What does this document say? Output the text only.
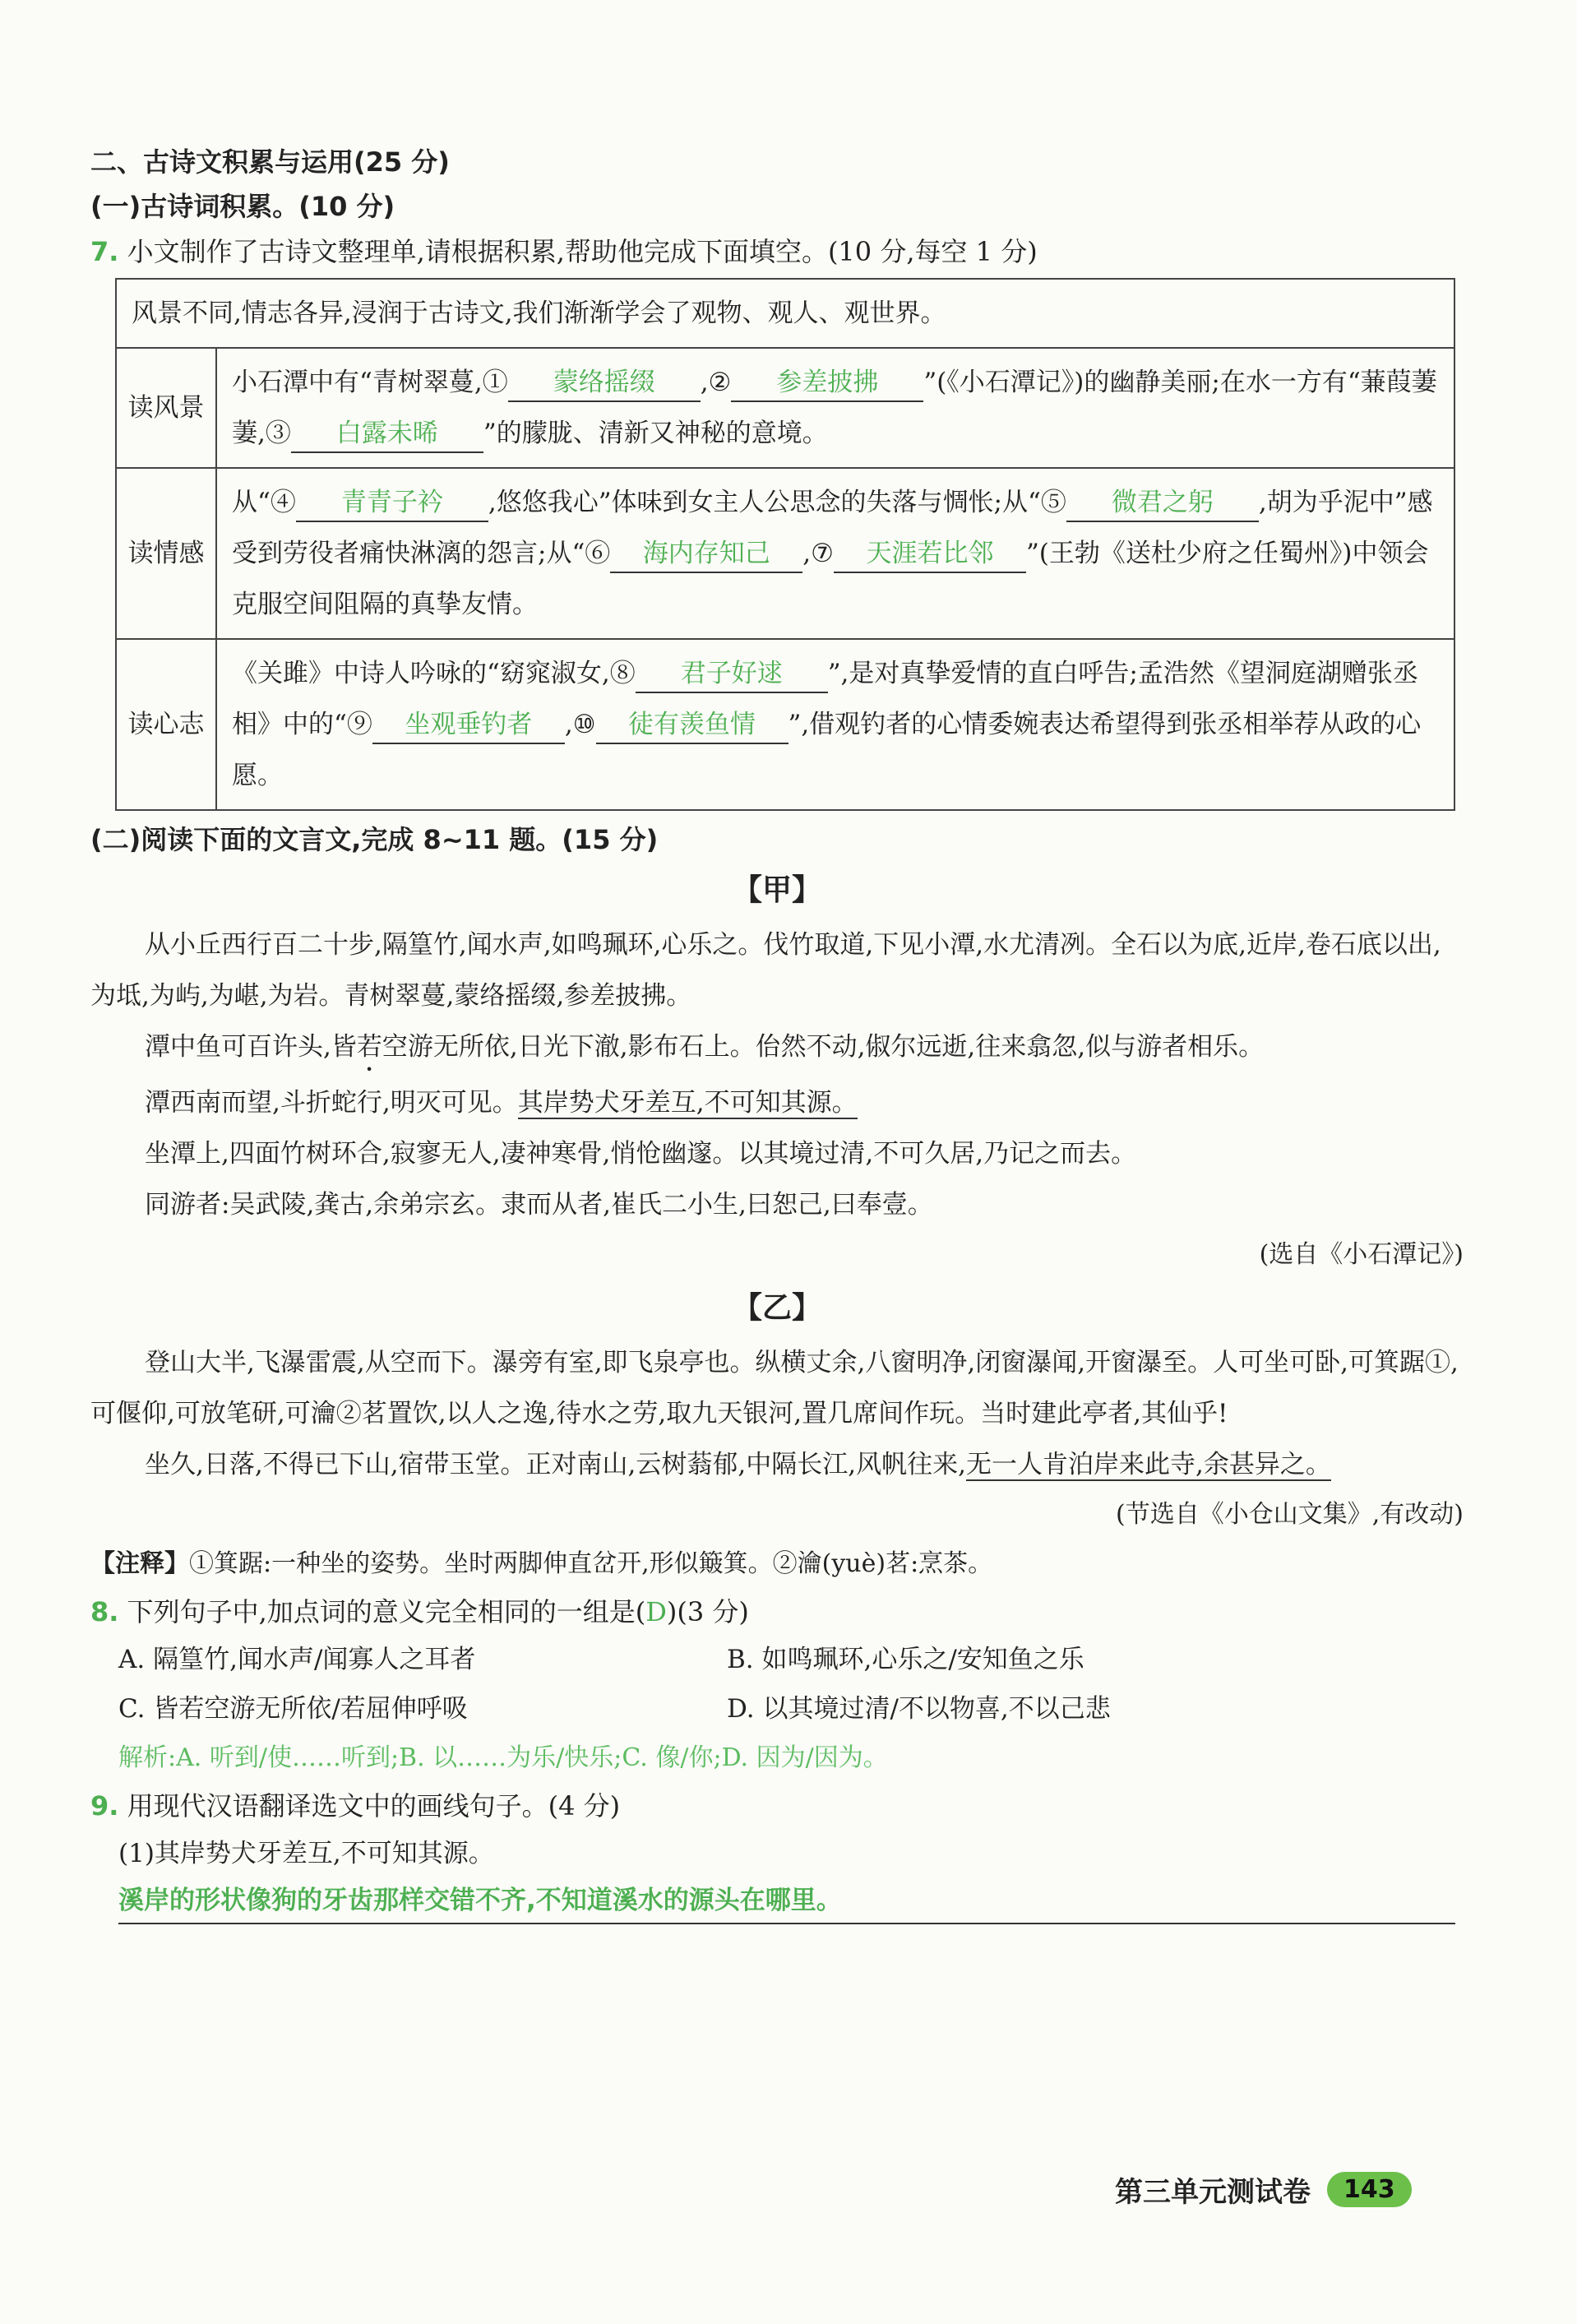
二、古诗文积累与运用(25 分)
(一)古诗词积累。(10 分)
7. 小文制作了古诗文整理单,请根据积累,帮助他完成下面填空。(10 分,每空 1 分)
风景不同,情志各异,浸润于古诗文,我们渐渐学会了观物、观人、观世界。	
读风景	小石潭中有“青树翠蔓,① 蒙络摇缀 ,② 参差披拂 ”(《小石潭记》)的幽静美丽;在水一方有“蒹葭萋萋,③ 白露未晞 ”的朦胧、清新又神秘的意境。
读情感	从“④ 青青子衿 ,悠悠我心”体味到女主人公思念的失落与惆怅;从“⑤ 微君之躬 ,胡为乎泥中”感受到劳役者痛快淋漓的怨言;从“⑥ 海内存知己 ,⑦ 天涯若比邻 ”(王勃《送杜少府之任蜀州》)中领会克服空间阻隔的真挚友情。
读心志	《关雎》中诗人吟咏的“窈窕淑女,⑧ 君子好逑 ”,是对真挚爱情的直白呼告;孟浩然《望洞庭湖赠张丞相》中的“⑨ 坐观垂钓者 ,⑩ 徒有羡鱼情 ”,借观钓者的心情委婉表达希望得到张丞相举荐从政的心愿。
(二)阅读下面的文言文,完成 8~11 题。(15 分)
【甲】

从小丘西行百二十步,隔篁竹,闻水声,如鸣珮环,心乐之。伐竹取道,下见小潭,水尤清冽。全石以为底,近岸,卷石底以出,为坻,为屿,为嵁,为岩。青树翠蔓,蒙络摇缀,参差披拂。

潭中鱼可百许头,皆若空游无所依,日光下澈,影布石上。佁然不动,俶尔远逝,往来翕忽,似与游者相乐。

潭西南而望,斗折蛇行,明灭可见。其岸势犬牙差互,不可知其源。

坐潭上,四面竹树环合,寂寥无人,凄神寒骨,悄怆幽邃。以其境过清,不可久居,乃记之而去。

同游者:吴武陵,龚古,余弟宗玄。隶而从者,崔氏二小生,曰恕己,曰奉壹。

(选自《小石潭记》)
【乙】

登山大半,飞瀑雷震,从空而下。瀑旁有室,即飞泉亭也。纵横丈余,八窗明净,闭窗瀑闻,开窗瀑至。人可坐可卧,可箕踞①,可偃仰,可放笔研,可瀹②茗置饮,以人之逸,待水之劳,取九天银河,置几席间作玩。当时建此亭者,其仙乎!

坐久,日落,不得已下山,宿带玉堂。正对南山,云树蓊郁,中隔长江,风帆往来,无一人肯泊岸来此寺,余甚异之。

(节选自《小仓山文集》,有改动)
【注释】①箕踞:一种坐的姿势。坐时两脚伸直岔开,形似簸箕。②瀹(yuè)茗:烹茶。
8. 下列句子中,加点词的意义完全相同的一组是(D)(3 分)
A. 隔篁竹,闻水声/闻寡人之耳者	B. 如鸣珮环,心乐之/安知鱼之乐
C. 皆若空游无所依/若屈伸呼吸	D. 以其境过清/不以物喜,不以己悲
解析:A. 听到/使……听到;B. 以……为乐/快乐;C. 像/你;D. 因为/因为。
9. 用现代汉语翻译选文中的画线句子。(4 分)
(1)其岸势犬牙差互,不可知其源。
溪岸的形状像狗的牙齿那样交错不齐,不知道溪水的源头在哪里。
第三单元测试卷	143
